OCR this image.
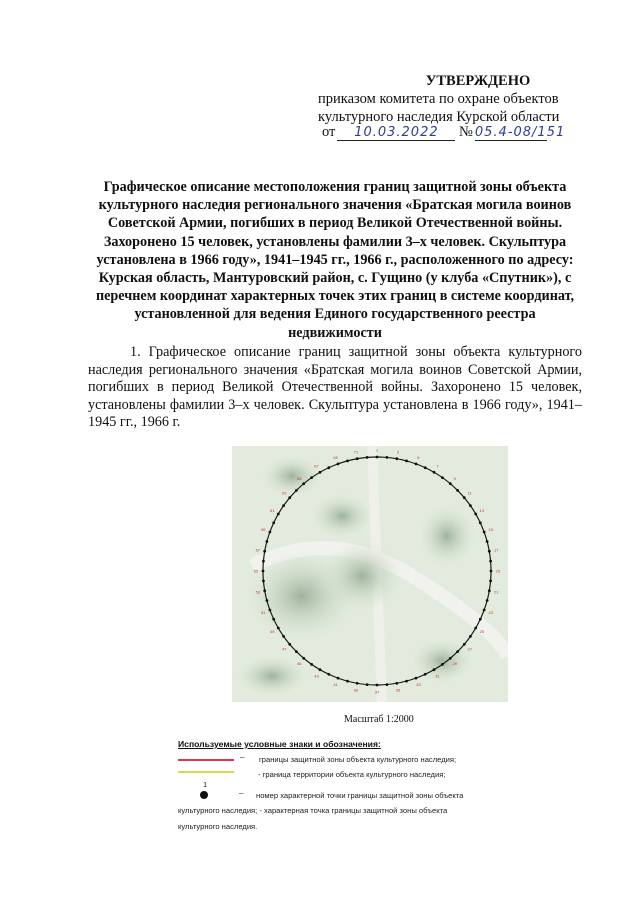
УТВЕРЖДЕНО
приказом комитета по охране объектов
культурного наследия Курской области
от 10.03.2022 № 05.4-08/151
Графическое описание местоположения границ защитной зоны объекта культурного наследия регионального значения «Братская могила воинов Советской Армии, погибших в период Великой Отечественной войны. Захоронено 15 человек, установлены фамилии 3–х человек. Скульптура установлена в 1966 году», 1941–1945 гг., 1966 г., расположенного по адресу: Курская область, Мантуровский район, с. Гущино (у клуба «Спутник»), с перечнем координат характерных точек этих границ в системе координат, установленной для ведения Единого государственного реестра недвижимости
1. Графическое описание границ защитной зоны объекта культурного наследия регионального значения «Братская могила воинов Советской Армии, погибших в период Великой Отечественной войны. Захоронено 15 человек, установлены фамилии 3–х человек. Скульптура установлена в 1966 году», 1941–1945 гг., 1966 г.
1	3
5
7
9
11
13
15
17
19
21
23
25
27
29
31
33
35
37
39
41
43
45
47
49
51
53
55
57
59
61
63
65
67
69
71
Масштаб 1:2000
Используемые условные знаки и обозначения:
– границы защитной зоны объекта культурного наследия;
- граница территории объекта культурного наследия;
1
– номер характерной точки границы защитной зоны объекта
культурного наследия; - характерная точка границы защитной зоны объекта
культурного наследия.
